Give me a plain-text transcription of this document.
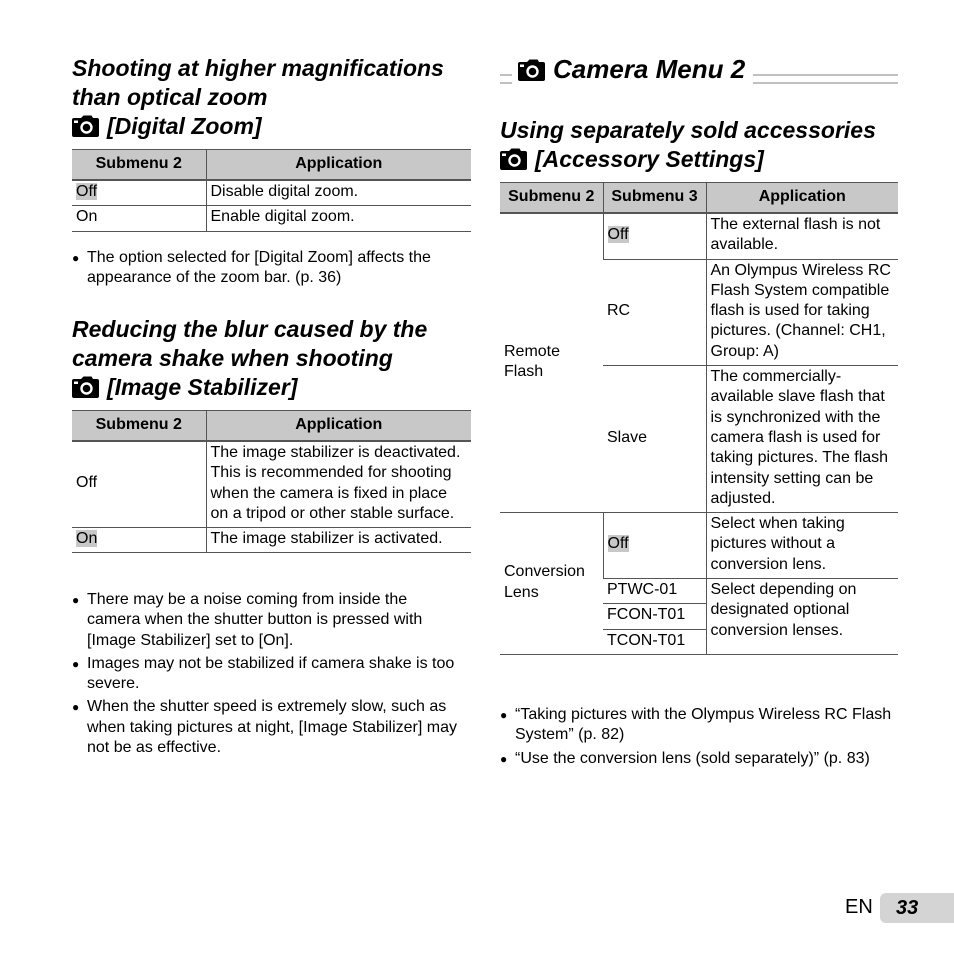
Shooting at higher magnifications
than optical zoom

[Digital Zoom]
Submenu 2	Application
Off	Disable digital zoom.
On	Enable digital zoom.
● The option selected for [Digital Zoom] affects the appearance of the zoom bar. (p. 36)
Reducing the blur caused by the
camera shake when shooting

[Image Stabilizer]
Submenu 2	Application
Off	The image stabilizer is deactivated. This is recommended for shooting when the camera is fixed in place on a tripod or other stable surface.
On	The image stabilizer is activated.
● There may be a noise coming from inside the camera when the shutter button is pressed with [Image Stabilizer] set to [On].
● Images may not be stabilized if camera shake is too severe.
● When the shutter speed is extremely slow, such as when taking pictures at night, [Image Stabilizer] may not be as effective.
Camera Menu 2
Using separately sold accessories

[Accessory Settings]
Submenu 2	Submenu 3	Application
Remote Flash	Off	The external flash is not available.
	RC	An Olympus Wireless RC Flash System compatible flash is used for taking pictures. (Channel: CH1, Group: A)
	Slave	The commercially-available slave flash that is synchronized with the camera flash is used for taking pictures. The flash intensity setting can be adjusted.
Conversion Lens	Off	Select when taking pictures without a conversion lens.
	PTWC-01	Select depending on designated optional conversion lenses.
	FCON-T01	
	TCON-T01	
● “Taking pictures with the Olympus Wireless RC Flash System” (p. 82)
● “Use the conversion lens (sold separately)” (p. 83)
EN	33
